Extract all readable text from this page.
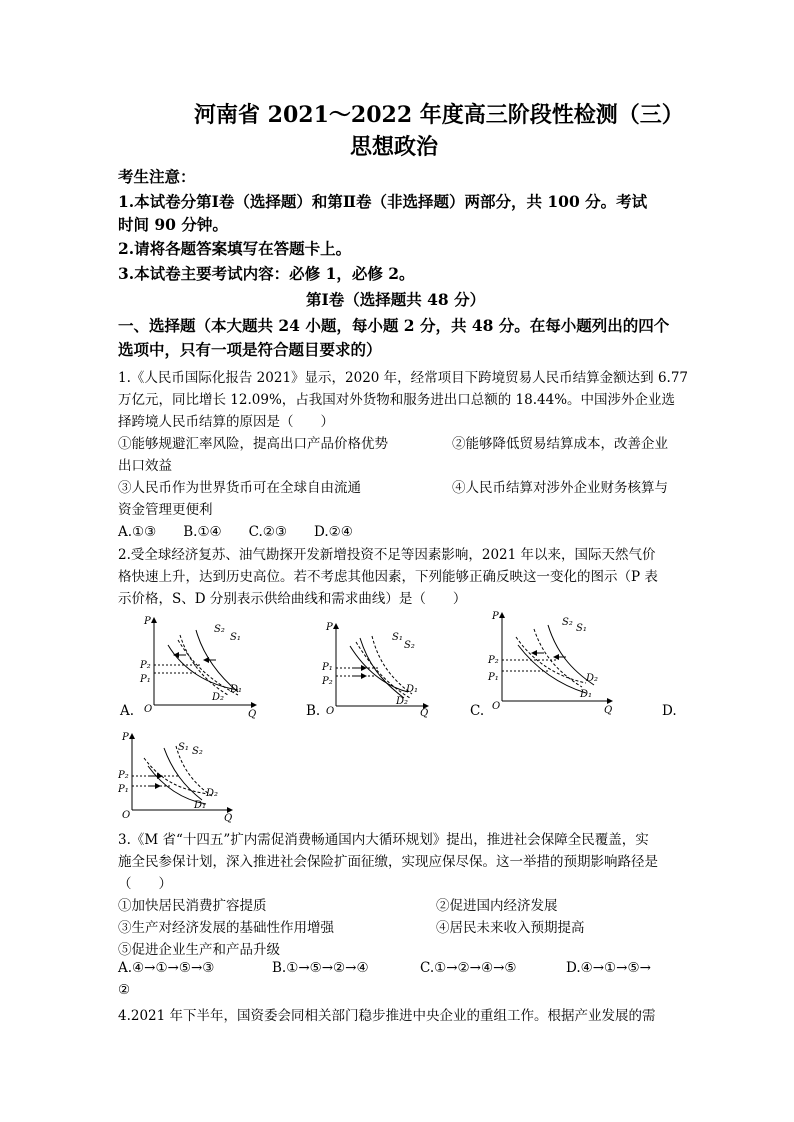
河南省 2021～2022 年度高三阶段性检测（三）
思想政治
考生注意：
1.本试卷分第Ⅰ卷（选择题）和第Ⅱ卷（非选择题）两部分，共 100 分。考试
时间 90 分钟。
2.请将各题答案填写在答题卡上。
3.本试卷主要考试内容：必修 1，必修 2。
第Ⅰ卷（选择题共 48 分）
一、选择题（本大题共 24 小题，每小题 2 分，共 48 分。在每小题列出的四个
选项中，只有一项是符合题目要求的）
1.《人民币国际化报告 2021》显示，2020 年，经常项目下跨境贸易人民币结算金额达到 6.77
万亿元，同比增长 12.09%，占我国对外货物和服务进出口总额的 18.44%。中国涉外企业选
择跨境人民币结算的原因是（　　）
①能够规避汇率风险，提高出口产品价格优势	②能够降低贸易结算成本，改善企业
出口效益
③人民币作为世界货币可在全球自由流通	④人民币结算对涉外企业财务核算与
资金管理更便利
A.①③　　B.①④　　C.②③　　D.②④
2.受全球经济复苏、油气勘探开发新增投资不足等因素影响，2021 年以来，国际天然气价
格快速上升，达到历史高位。若不考虑其他因素，下列能够正确反映这一变化的图示（P 表
示价格，S、D 分别表示供给曲线和需求曲线）是（　　）
A.
P
Q
O
S₂
S₁
P₂
P₁
D₂
D₁
B.
P
Q
O
S₁
S₂
P₁
P₂
D₁
D₂
C.
P
Q
O
S₂
S₁
P₂
P₁	D₂
D₁
D.
P
Q
O
S₁ S₂
P₂
P₁	D₂
D₁
3.《M 省“十四五”扩内需促消费畅通国内大循环规划》提出，推进社会保障全民覆盖，实
施全民参保计划，深入推进社会保险扩面征缴，实现应保尽保。这一举措的预期影响路径是
（　　）
①加快居民消费扩容提质	②促进国内经济发展
③生产对经济发展的基础性作用增强	④居民未来收入预期提高
⑤促进企业生产和产品升级
A.④→①→⑤→③	B.①→⑤→②→④	C.①→②→④→⑤	D.④→①→⑤→
②
4.2021 年下半年，国资委会同相关部门稳步推进中央企业的重组工作。根据产业发展的需
